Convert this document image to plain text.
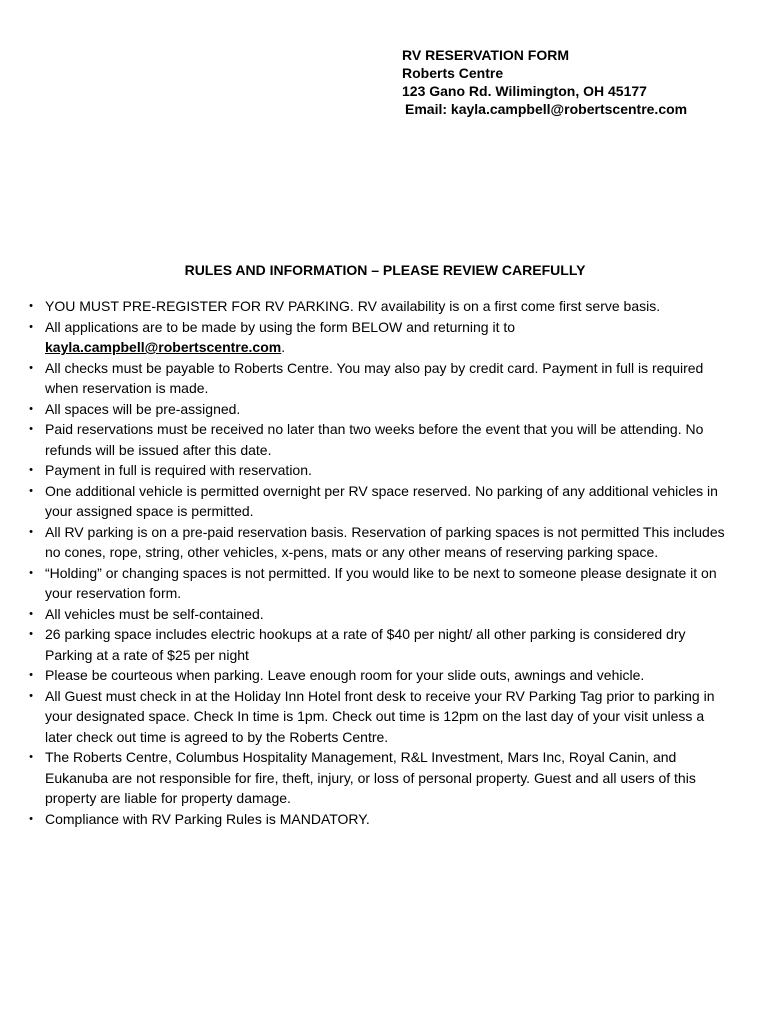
RV RESERVATION FORM
Roberts Centre
123 Gano Rd. Wilimington, OH 45177
Email: kayla.campbell@robertscentre.com
RULES AND INFORMATION – PLEASE REVIEW CAREFULLY
• YOU MUST PRE-REGISTER FOR RV PARKING. RV availability is on a first come first serve basis.
• All applications are to be made by using the form BELOW and returning it to kayla.campbell@robertscentre.com.
• All checks must be payable to Roberts Centre. You may also pay by credit card. Payment in full is required when reservation is made.
• All spaces will be pre-assigned.
• Paid reservations must be received no later than two weeks before the event that you will be attending. No refunds will be issued after this date.
• Payment in full is required with reservation.
• One additional vehicle is permitted overnight per RV space reserved. No parking of any additional vehicles in your assigned space is permitted.
• All RV parking is on a pre-paid reservation basis. Reservation of parking spaces is not permitted This includes no cones, rope, string, other vehicles, x-pens, mats or any other means of reserving parking space.
• “Holding” or changing spaces is not permitted. If you would like to be next to someone please designate it on your reservation form.
• All vehicles must be self-contained.
• 26 parking space includes electric hookups at a rate of $40 per night/ all other parking is considered dry Parking at a rate of $25 per night
• Please be courteous when parking. Leave enough room for your slide outs, awnings and vehicle.
• All Guest must check in at the Holiday Inn Hotel front desk to receive your RV Parking Tag prior to parking in your designated space. Check In time is 1pm. Check out time is 12pm on the last day of your visit unless a later check out time is agreed to by the Roberts Centre.
• The Roberts Centre, Columbus Hospitality Management, R&L Investment, Mars Inc, Royal Canin, and Eukanuba are not responsible for fire, theft, injury, or loss of personal property. Guest and all users of this property are liable for property damage.
• Compliance with RV Parking Rules is MANDATORY.
